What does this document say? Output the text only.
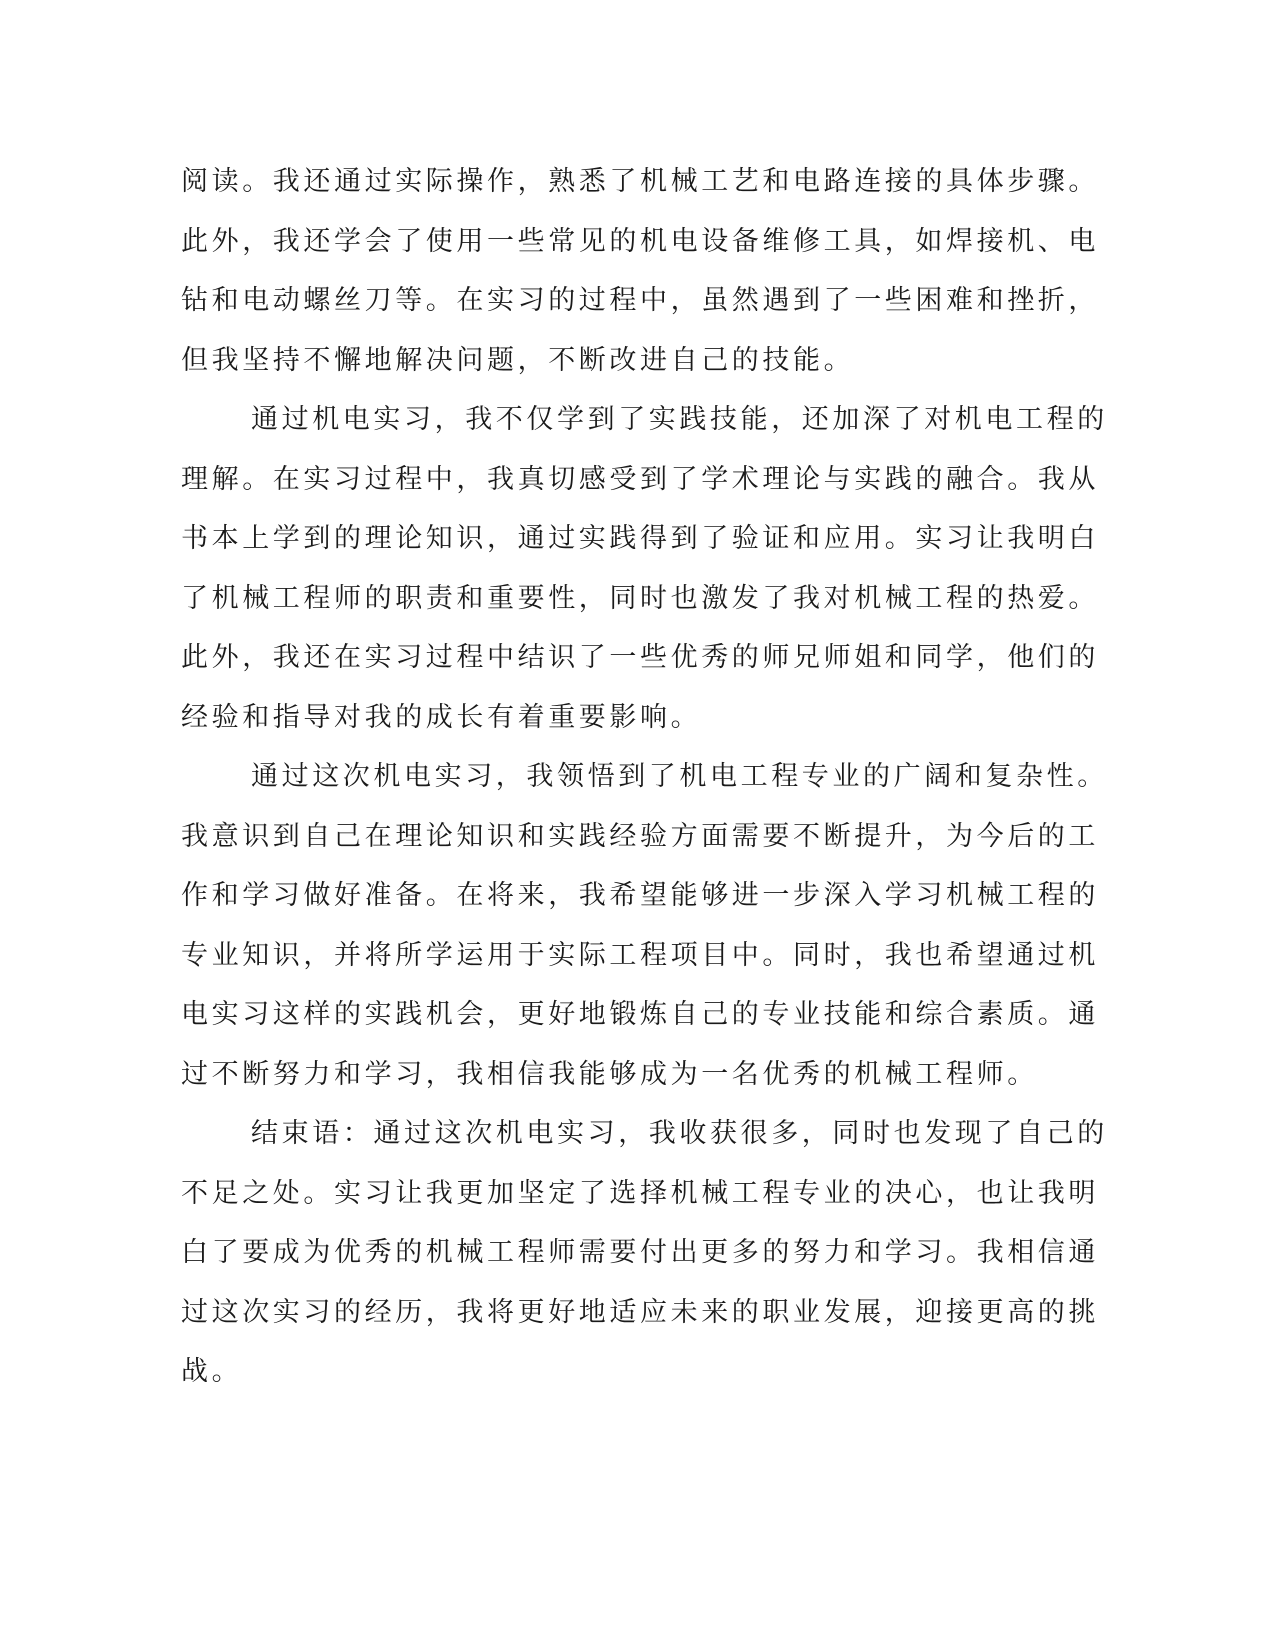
阅读。我还通过实际操作，熟悉了机械工艺和电路连接的具体步骤。
此外，我还学会了使用一些常见的机电设备维修工具，如焊接机、电
钻和电动螺丝刀等。在实习的过程中，虽然遇到了一些困难和挫折，
但我坚持不懈地解决问题，不断改进自己的技能。
通过机电实习，我不仅学到了实践技能，还加深了对机电工程的
理解。在实习过程中，我真切感受到了学术理论与实践的融合。我从
书本上学到的理论知识，通过实践得到了验证和应用。实习让我明白
了机械工程师的职责和重要性，同时也激发了我对机械工程的热爱。
此外，我还在实习过程中结识了一些优秀的师兄师姐和同学，他们的
经验和指导对我的成长有着重要影响。
通过这次机电实习，我领悟到了机电工程专业的广阔和复杂性。
我意识到自己在理论知识和实践经验方面需要不断提升，为今后的工
作和学习做好准备。在将来，我希望能够进一步深入学习机械工程的
专业知识，并将所学运用于实际工程项目中。同时，我也希望通过机
电实习这样的实践机会，更好地锻炼自己的专业技能和综合素质。通
过不断努力和学习，我相信我能够成为一名优秀的机械工程师。
结束语：通过这次机电实习，我收获很多，同时也发现了自己的
不足之处。实习让我更加坚定了选择机械工程专业的决心，也让我明
白了要成为优秀的机械工程师需要付出更多的努力和学习。我相信通
过这次实习的经历，我将更好地适应未来的职业发展，迎接更高的挑
战。
